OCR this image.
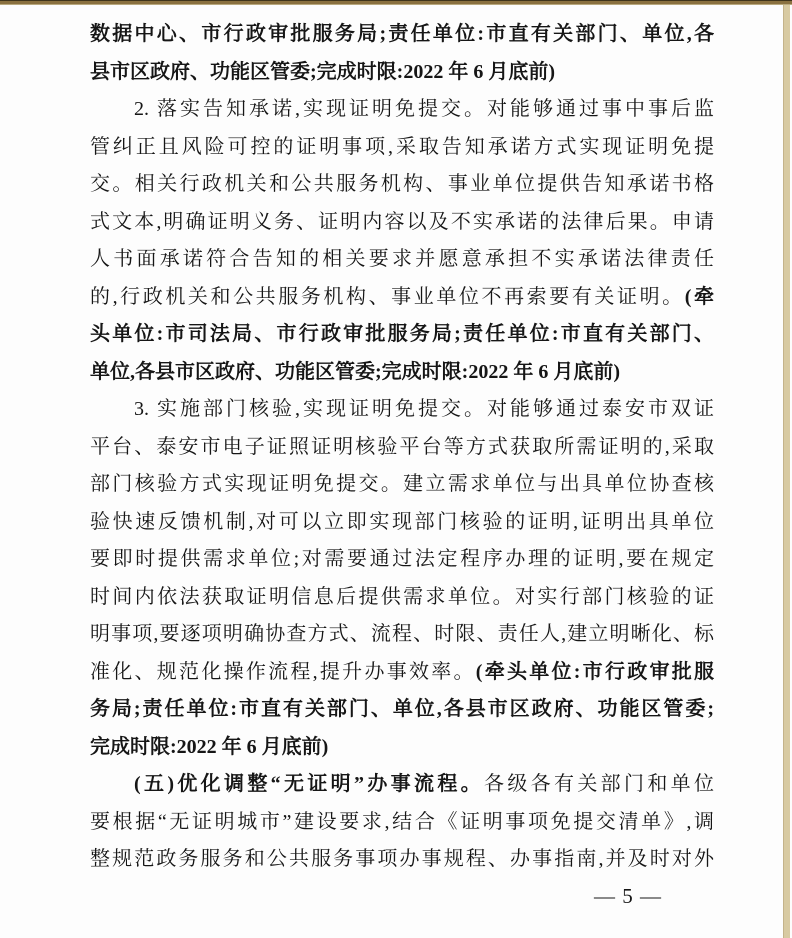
数据中心、市行政审批服务局;责任单位:市直有关部门、单位,各
县市区政府、功能区管委;完成时限:2022 年 6 月底前)
2. 落实告知承诺,实现证明免提交。对能够通过事中事后监
管纠正且风险可控的证明事项,采取告知承诺方式实现证明免提
交。相关行政机关和公共服务机构、事业单位提供告知承诺书格
式文本,明确证明义务、证明内容以及不实承诺的法律后果。申请
人书面承诺符合告知的相关要求并愿意承担不实承诺法律责任
的,行政机关和公共服务机构、事业单位不再索要有关证明。(牵
头单位:市司法局、市行政审批服务局;责任单位:市直有关部门、
单位,各县市区政府、功能区管委;完成时限:2022 年 6 月底前)
3. 实施部门核验,实现证明免提交。对能够通过泰安市双证
平台、泰安市电子证照证明核验平台等方式获取所需证明的,采取
部门核验方式实现证明免提交。建立需求单位与出具单位协查核
验快速反馈机制,对可以立即实现部门核验的证明,证明出具单位
要即时提供需求单位;对需要通过法定程序办理的证明,要在规定
时间内依法获取证明信息后提供需求单位。对实行部门核验的证
明事项,要逐项明确协查方式、流程、时限、责任人,建立明晰化、标
准化、规范化操作流程,提升办事效率。(牵头单位:市行政审批服
务局;责任单位:市直有关部门、单位,各县市区政府、功能区管委;
完成时限:2022 年 6 月底前)
(五)优化调整“无证明”办事流程。各级各有关部门和单位
要根据“无证明城市”建设要求,结合《证明事项免提交清单》,调
整规范政务服务和公共服务事项办事规程、办事指南,并及时对外
— 5 —
